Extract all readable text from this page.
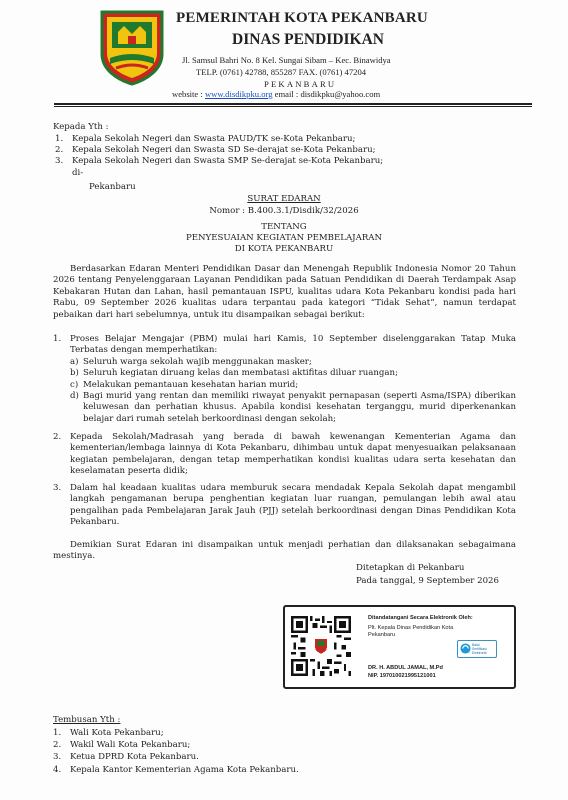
PEMERINTAH KOTA PEKANBARU
DINAS PENDIDIKAN
Jl. Samsul Bahri No. 8 Kel. Sungai Sibam – Kec. Binawidya
TELP. (0761) 42788, 855287 FAX. (0761) 47204
PEKANBARU
website : www.disdikpku.org email : disdikpku@yahoo.com
Kepada Yth :
1. Kepala Sekolah Negeri dan Swasta PAUD/TK se-Kota Pekanbaru;
2. Kepala Sekolah Negeri dan Swasta SD Se-derajat se-Kota Pekanbaru;
3. Kepala Sekolah Negeri dan Swasta SMP Se-derajat se-Kota Pekanbaru;
di-
Pekanbaru
SURAT EDARAN
Nomor : B.400.3.1/Disdik/32/2026
TENTANG
PENYESUAIAN KEGIATAN PEMBELAJARAN
DI KOTA PEKANBARU
Berdasarkan Edaran Menteri Pendidikan Dasar dan Menengah Republik Indonesia Nomor 20 Tahun 2026 tentang Penyelenggaraan Layanan Pendidikan pada Satuan Pendidikan di Daerah Terdampak Asap Kebakaran Hutan dan Lahan, hasil pemantauan ISPU, kualitas udara Kota Pekanbaru kondisi pada hari Rabu, 09 September 2026 kualitas udara terpantau pada kategori “Tidak Sehat”, namun terdapat pebaikan dari hari sebelumnya, untuk itu disampaikan sebagai berikut:
1. Proses Belajar Mengajar (PBM) mulai hari Kamis, 10 September diselenggarakan Tatap Muka Terbatas dengan memperhatikan:
a) Seluruh warga sekolah wajib menggunakan masker;
b) Seluruh kegiatan diruang kelas dan membatasi aktifitas diluar ruangan;
c) Melakukan pemantauan kesehatan harian murid;
d) Bagi murid yang rentan dan memiliki riwayat penyakit pernapasan (seperti Asma/ISPA) diberikan keluwesan dan perhatian khusus. Apabila kondisi kesehatan terganggu, murid diperkenankan belajar dari rumah setelah berkoordinasi dengan sekolah;
2. Kepada Sekolah/Madrasah yang berada di bawah kewenangan Kementerian Agama dan kementerian/lembaga lainnya di Kota Pekanbaru, dihimbau untuk dapat menyesuaikan pelaksanaan kegiatan pembelajaran, dengan tetap memperhatikan kondisi kualitas udara serta kesehatan dan keselamatan peserta didik;
3. Dalam hal keadaan kualitas udara memburuk secara mendadak Kepala Sekolah dapat mengambil langkah pengamanan berupa penghentian kegiatan luar ruangan, pemulangan lebih awal atau pengalihan pada Pembelajaran Jarak Jauh (PJJ) setelah berkoordinasi dengan Dinas Pendidikan Kota Pekanbaru.
Demikian Surat Edaran ini disampaikan untuk menjadi perhatian dan dilaksanakan sebagaimana mestinya.
Ditetapkan di Pekanbaru
Pada tanggal, 9 September 2026
Ditandatangani Secara Elektronik Oleh:
Plt. Kepala Dinas Pendidikan Kota
Pekanbaru
DR. H. ABDUL JAMAL, M.Pd
NIP. 197010021995121001
Balai Sertifikasi Elektronik
Tembusan Yth :
1. Wali Kota Pekanbaru;
2. Wakil Wali Kota Pekanbaru;
3. Ketua DPRD Kota Pekanbaru.
4. Kepala Kantor Kementerian Agama Kota Pekanbaru.
